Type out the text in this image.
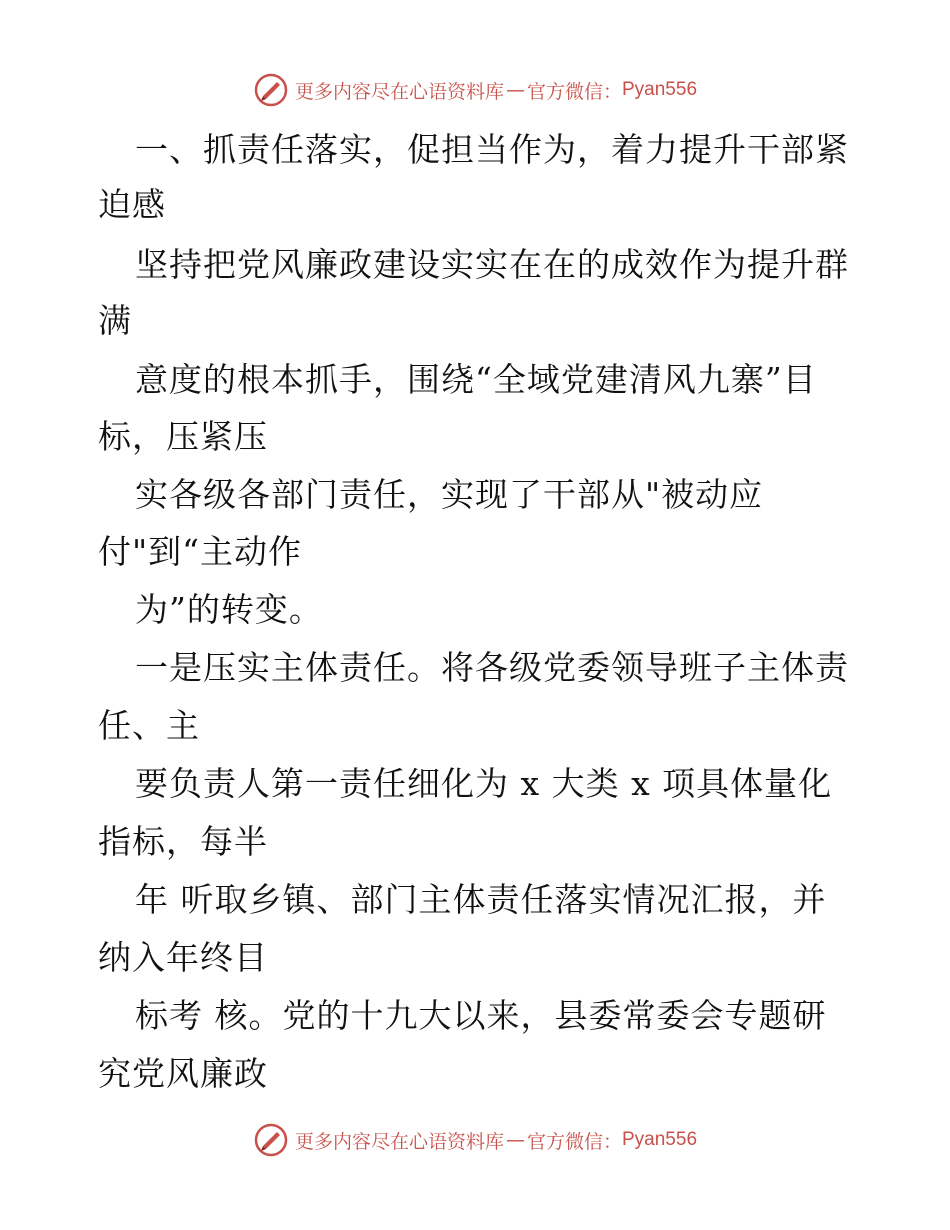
更多内容尽在心语资料库 — 官方微信： Pyan556
一、抓责任落实，促担当作为，着力提升干部紧
迫感
坚持把党风廉政建设实实在在的成效作为提升群
满
意度的根本抓手，围绕“全域党建清风九寨”目
标，压紧压
实各级各部门责任，实现了干部从"被动应
付"到“主动作
为”的转变。
一是压实主体责任。将各级党委领导班子主体责
任、主
要负责人第一责任细化为 x 大类 x 项具体量化
指标，每半
年 听取乡镇、部门主体责任落实情况汇报，并
纳入年终目
标考 核。党的十九大以来，县委常委会专题研
究党风廉政
更多内容尽在心语资料库 — 官方微信： Pyan556
